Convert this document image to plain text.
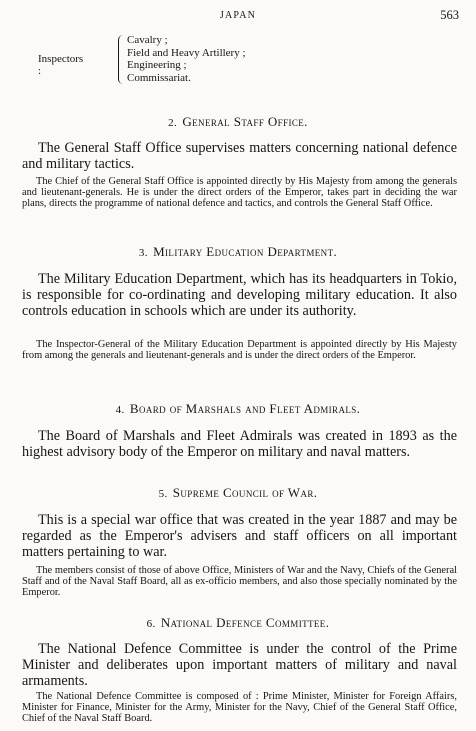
JAPAN	563
Inspectors :
Cavalry ;
Field and Heavy Artillery ;
Engineering ;
Commissariat.
2. General Staff Office.

The General Staff Office supervises matters concerning national defence and military tactics.

The Chief of the General Staff Office is appointed directly by His Majesty from among the generals and lieutenant-generals. He is under the direct orders of the Emperor, takes part in deciding the war plans, directs the programme of national defence and tactics, and controls the General Staff Office.

3. Military Education Department.

The Military Education Department, which has its headquarters in Tokio, is responsible for co-ordinating and developing military education. It also controls education in schools which are under its authority.

The Inspector-General of the Military Education Department is appointed directly by His Majesty from among the generals and lieutenant-generals and is under the direct orders of the Emperor.

4. Board of Marshals and Fleet Admirals.

The Board of Marshals and Fleet Admirals was created in 1893 as the highest advisory body of the Emperor on military and naval matters.

5. Supreme Council of War.

This is a special war office that was created in the year 1887 and may be regarded as the Emperor's advisers and staff officers on all important matters pertaining to war.

The members consist of those of above Office, Ministers of War and the Navy, Chiefs of the General Staff and of the Naval Staff Board, all as ex-officio members, and also those specially nominated by the Emperor.

6. National Defence Committee.

The National Defence Committee is under the control of the Prime Minister and deliberates upon important matters of military and naval armaments.

The National Defence Committee is composed of : Prime Minister, Minister for Foreign Affairs, Minister for Finance, Minister for the Army, Minister for the Navy, Chief of the General Staff Office, Chief of the Naval Staff Board.
